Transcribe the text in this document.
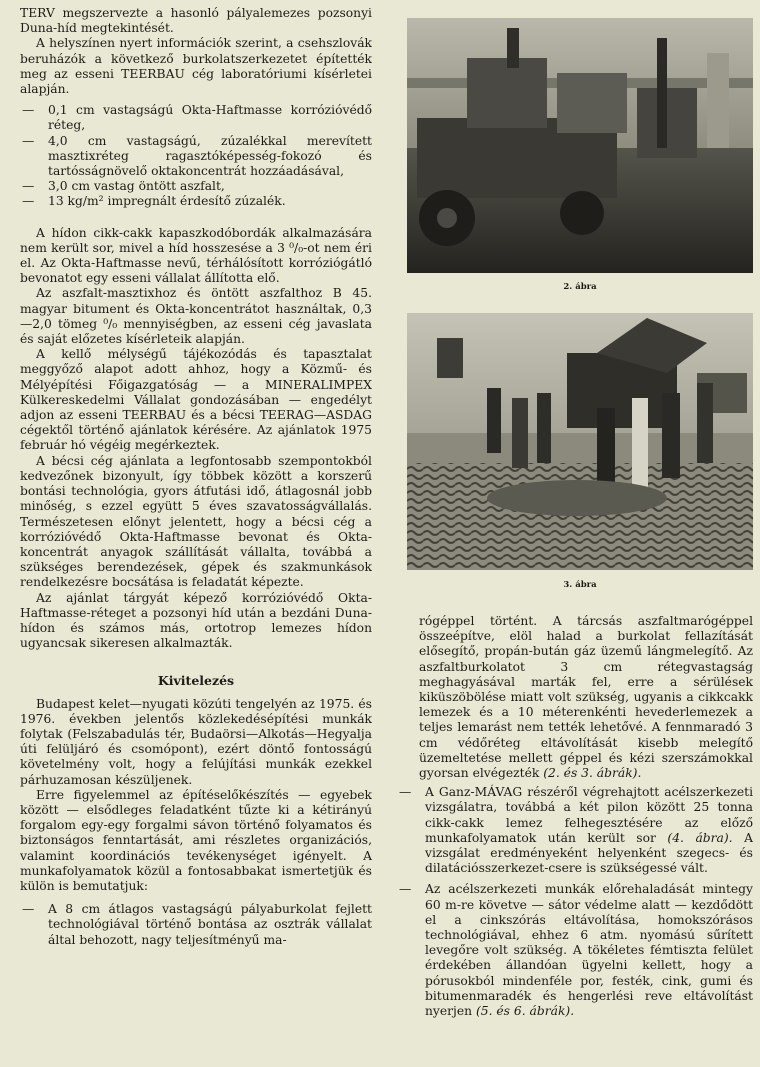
TERV megszervezte a hasonló pályalemezes pozsonyi Duna-híd megtekintését.

A helyszínen nyert információk szerint, a csehszlovák beruházók a következő burkolatszerkezetet építették meg az esseni TEERBAU cég laboratóriumi kísérletei alapján.

— 0,1 cm vastagságú Okta-Haftmasse korrózióvédő réteg,
— 4,0 cm vastagságú, zúzalékkal merevített masztixréteg ragasztóképesség-fokozó és tartósságnövelő oktakoncentrát hozzáadásával,
— 3,0 cm vastag öntött aszfalt,
— 13 kg/m² impregnált érdesítő zúzalék.

A hídon cikk-cakk kapaszkodóbordák alkalmazására nem került sor, mivel a híd hosszesése a 3 ⁰/₀-ot nem éri el. Az Okta-Haftmasse nevű, térhálósított korróziógátló bevonatot egy esseni vállalat állította elő.

Az aszfalt-masztixhoz és öntött aszfalthoz B 45. magyar bitument és Okta-koncentrátot használtak, 0,3—2,0 tömeg ⁰/₀ mennyiségben, az esseni cég javaslata és saját előzetes kísérleteik alapján.

A kellő mélységű tájékozódás és tapasztalat meggyőző alapot adott ahhoz, hogy a Közmű- és Mélyépítési Főigazgatóság — a MINERALIMPEX Külkereskedelmi Vállalat gondozásában — engedélyt adjon az esseni TEERBAU és a bécsi TEERAG—ASDAG cégektől történő ajánlatok kérésére. Az ajánlatok 1975 február hó végéig megérkeztek.

A bécsi cég ajánlata a legfontosabb szempontokból kedvezőnek bizonyult, így többek között a korszerű bontási technológia, gyors átfutási idő, átlagosnál jobb minőség, s ezzel együtt 5 éves szavatosságvállalás. Természetesen előnyt jelentett, hogy a bécsi cég a korrózióvédő Okta-Haftmasse bevonat és Okta-koncentrát anyagok szállítását vállalta, továbbá a szükséges berendezések, gépek és szakmunkások rendelkezésre bocsátása is feladatát képezte.

Az ajánlat tárgyát képező korrózióvédő Okta-Haftmasse-réteget a pozsonyi híd után a bezdáni Duna-hídon és számos más, ortotrop lemezes hídon ugyancsak sikeresen alkalmazták.

Kivitelezés

Budapest kelet—nyugati közúti tengelyén az 1975. és 1976. években jelentős közlekedésépítési munkák folytak (Felszabadulás tér, Budaörsi—Alkotás—Hegyalja úti felüljáró és csomópont), ezért döntő fontosságú követelmény volt, hogy a felújítási munkák ezekkel párhuzamosan készüljenek.

Erre figyelemmel az építéselőkészítés — egyebek között — elsődleges feladatként tűzte ki a kétirányú forgalom egy-egy forgalmi sávon történő folyamatos és biztonságos fenntartását, ami részletes organizációs, valamint koordinációs tevékenységet igényelt. A munkafolyamatok közül a fontosabbakat ismertetjük és külön is bemutatjuk:

— A 8 cm átlagos vastagságú pályaburkolat fejlett technológiával történő bontása az osztrák vállalat által behozott, nagy teljesítményű ma-
2. ábra
3. ábra

rógéppel történt. A tárcsás aszfaltmarógéppel összeépítve, elöl halad a burkolat fellazítását elősegítő, propán-bután gáz üzemű lángmelegítő. Az aszfaltburkolatot 3 cm rétegvastagság meghagyásával marták fel, erre a sérülések kiküszöbölése miatt volt szükség, ugyanis a cikkcakk lemezek és a 10 méterenkénti hevederlemezek a teljes lemarást nem tették lehetővé. A fennmaradó 3 cm védőréteg eltávolítását kisebb melegítő üzemeltetése mellett géppel és kézi szerszámokkal gyorsan elvégezték (2. és 3. ábrák).

— A Ganz-MÁVAG részéről végrehajtott acélszerkezeti vizsgálatra, továbbá a két pilon között 25 tonna cikk-cakk lemez felhegesztésére az előző munkafolyamatok után került sor (4. ábra). A vizsgálat eredményeként helyenként szegecs- és dilatációsszerkezet-csere is szükségessé vált.
— Az acélszerkezeti munkák előrehaladását mintegy 60 m-re követve — sátor védelme alatt — kezdődött el a cinkszórás eltávolítása, homokszórásos technológiával, ehhez 6 atm. nyomású sűrített levegőre volt szükség. A tökéletes fémtiszta felület érdekében állandóan ügyelni kellett, hogy a pórusokból mindenféle por, festék, cink, gumi és bitumenmaradék és hengerlési reve eltávolítást nyerjen (5. és 6. ábrák).
